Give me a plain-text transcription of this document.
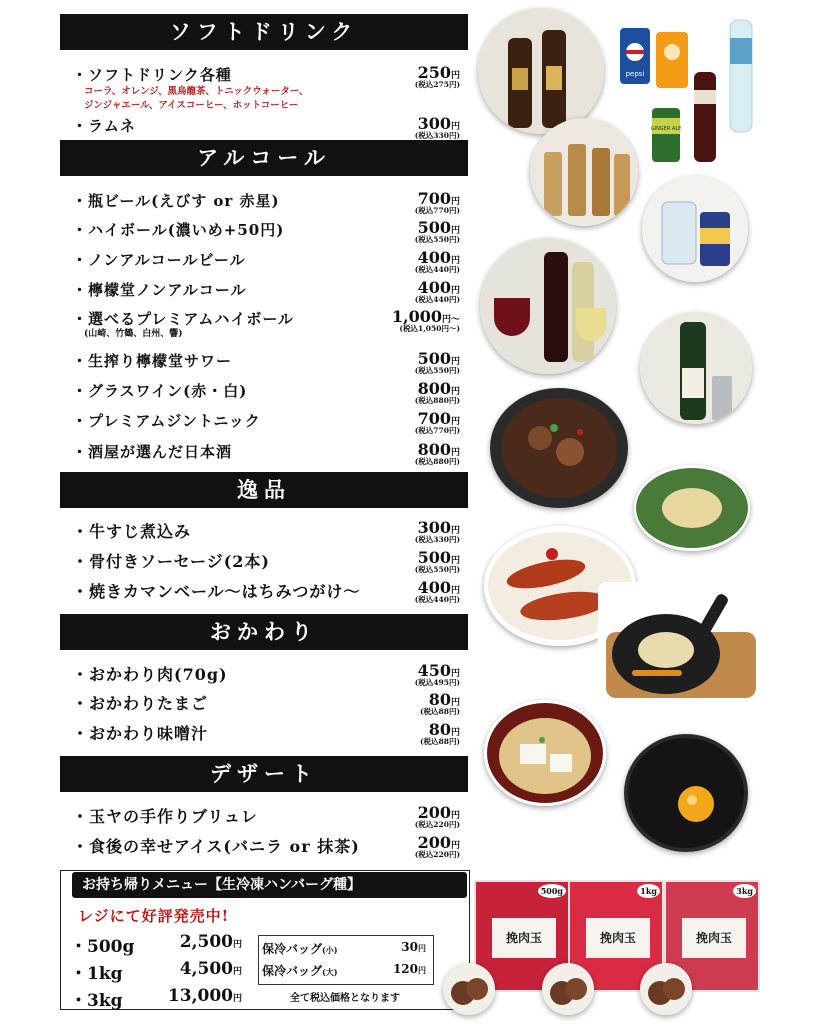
ソフトドリンク
・ソフトドリンク各種	250円
(税込275円)
コーラ、オレンジ、黒烏龍茶、トニックウォーター、
ジンジャエール、アイスコーヒー、ホットコーヒー
・ラムネ	300円
(税込330円)
アルコール
・瓶ビール(えびす or 赤星)	700円
(税込770円)
・ハイボール(濃いめ+50円)	500円
(税込550円)
・ノンアルコールビール	400円
(税込440円)
・檸檬堂ノンアルコール	400円
(税込440円)
・選べるプレミアムハイボール
(山崎、竹鶴、白州、響)
1,000円〜
(税込1,050円〜)
・生搾り檸檬堂サワー	500円
(税込550円)
・グラスワイン(赤・白)	800円
(税込880円)
・プレミアムジントニック	700円
(税込770円)
・酒屋が選んだ日本酒	800円
(税込880円)
逸品
・牛すじ煮込み	300円
(税込330円)
・骨付きソーセージ(2本)	500円
(税込550円)
・焼きカマンベール〜はちみつがけ〜	400円
(税込440円)
おかわり
・おかわり肉(70g)	450円
(税込495円)
・おかわりたまご	80円
(税込88円)
・おかわり味噌汁	80円
(税込88円)
デザート
・玉ヤの手作りブリュレ	200円
(税込220円)
・食後の幸せアイス(バニラ or 抹茶)	200円
(税込220円)
お持ち帰りメニュー【生冷凍ハンバーグ種】
レジにて好評発売中!
・500g	2,500円
・1kg	4,500円
・3kg	13,000円
保冷バッグ(小)	30円
保冷バッグ(大)	120円
全て税込価格となります
挽肉玉
500g
挽肉玉
1kg
挽肉玉
3kg
pepsi
GINGER ALE
